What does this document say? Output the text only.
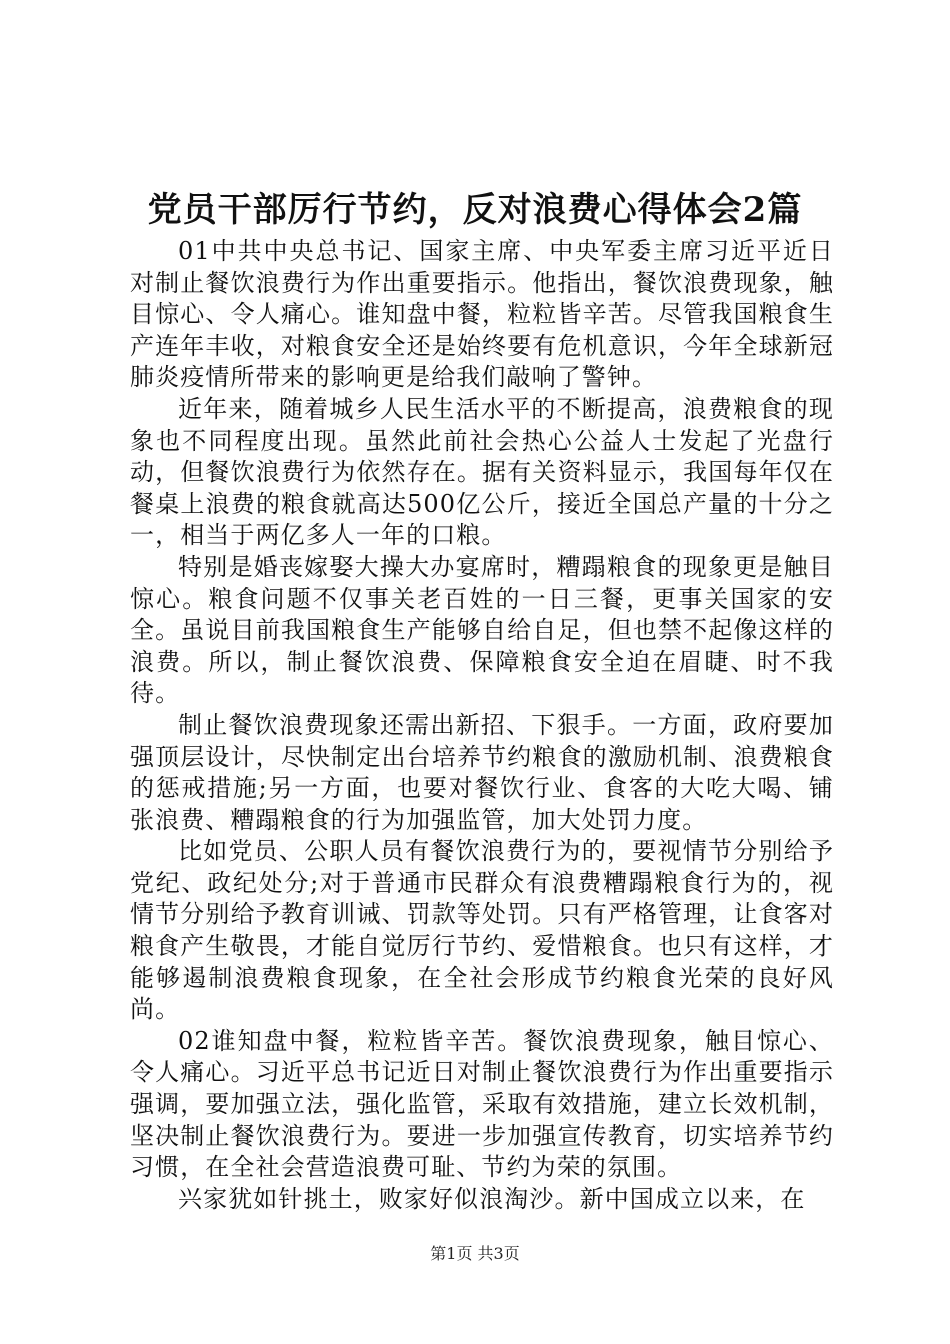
党员干部厉行节约，反对浪费心得体会2篇

01中共中央总书记、国家主席、中央军委主席习近平近日对制止餐饮浪费行为作出重要指示。他指出，餐饮浪费现象，触目惊心、令人痛心。谁知盘中餐，粒粒皆辛苦。尽管我国粮食生产连年丰收，对粮食安全还是始终要有危机意识，今年全球新冠肺炎疫情所带来的影响更是给我们敲响了警钟。

近年来，随着城乡人民生活水平的不断提高，浪费粮食的现象也不同程度出现。虽然此前社会热心公益人士发起了光盘行动，但餐饮浪费行为依然存在。据有关资料显示，我国每年仅在餐桌上浪费的粮食就高达500亿公斤，接近全国总产量的十分之一，相当于两亿多人一年的口粮。

特别是婚丧嫁娶大操大办宴席时，糟蹋粮食的现象更是触目惊心。粮食问题不仅事关老百姓的一日三餐，更事关国家的安全。虽说目前我国粮食生产能够自给自足，但也禁不起像这样的浪费。所以，制止餐饮浪费、保障粮食安全迫在眉睫、时不我待。

制止餐饮浪费现象还需出新招、下狠手。一方面，政府要加强顶层设计，尽快制定出台培养节约粮食的激励机制、浪费粮食的惩戒措施;另一方面，也要对餐饮行业、食客的大吃大喝、铺张浪费、糟蹋粮食的行为加强监管，加大处罚力度。

比如党员、公职人员有餐饮浪费行为的，要视情节分别给予党纪、政纪处分;对于普通市民群众有浪费糟蹋粮食行为的，视情节分别给予教育训诫、罚款等处罚。只有严格管理，让食客对粮食产生敬畏，才能自觉厉行节约、爱惜粮食。也只有这样，才能够遏制浪费粮食现象，在全社会形成节约粮食光荣的良好风尚。

02谁知盘中餐，粒粒皆辛苦。餐饮浪费现象，触目惊心、令人痛心。习近平总书记近日对制止餐饮浪费行为作出重要指示强调，要加强立法，强化监管，采取有效措施，建立长效机制，坚决制止餐饮浪费行为。要进一步加强宣传教育，切实培养节约习惯，在全社会营造浪费可耻、节约为荣的氛围。

兴家犹如针挑土，败家好似浪淘沙。新中国成立以来，在

第1页 共3页
